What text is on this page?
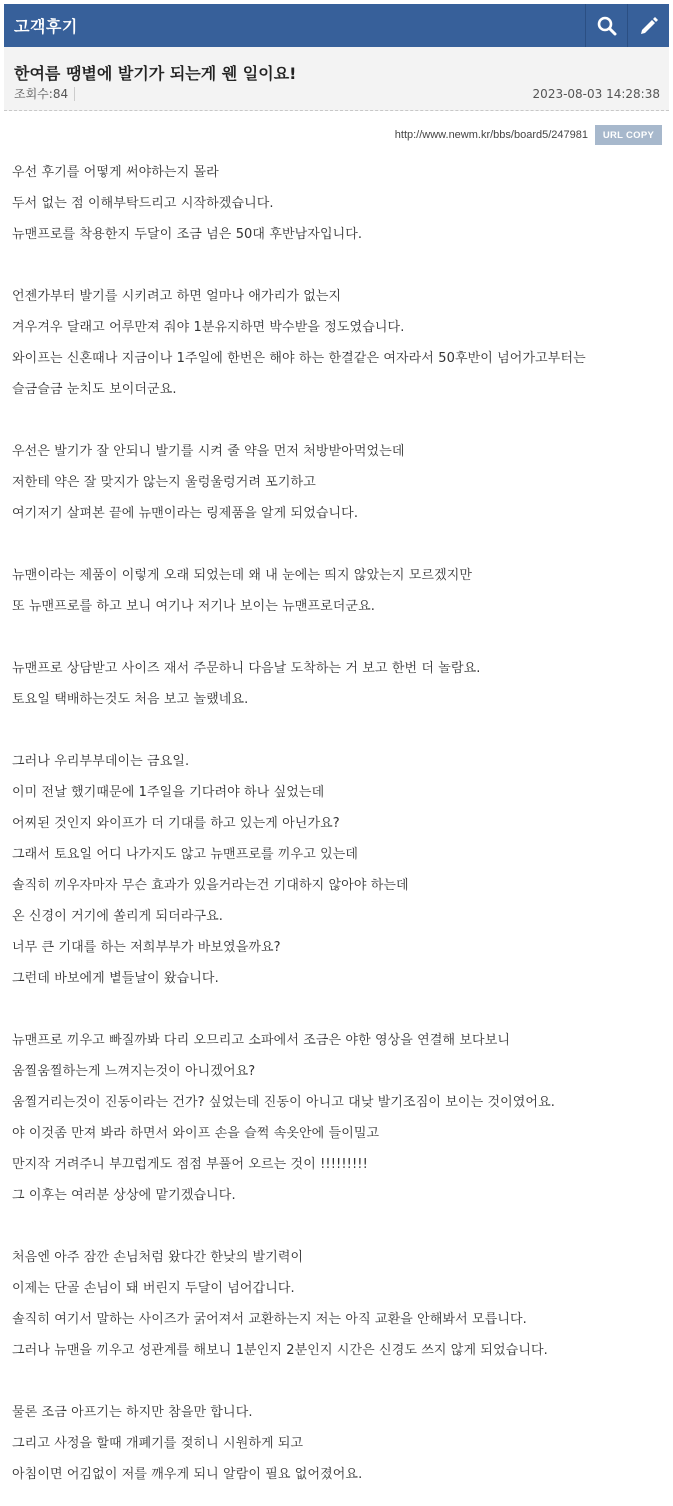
고객후기
한여름 땡볕에 발기가 되는게 웬 일이요!
조회수:84	2023-08-03 14:28:38
http://www.newm.kr/bbs/board5/247981	URL COPY
우선 후기를 어떻게 써야하는지 몰라
두서 없는 점 이해부탁드리고 시작하겠습니다.
뉴맨프로를 착용한지 두달이 조금 넘은 50대 후반남자입니다.
언젠가부터 발기를 시키려고 하면 얼마나 애가리가 없는지
겨우겨우 달래고 어루만져 줘야 1분유지하면 박수받을 정도였습니다.
와이프는 신혼때나 지금이나 1주일에 한번은 해야 하는 한결같은 여자라서 50후반이 넘어가고부터는
슬금슬금 눈치도 보이더군요.
우선은 발기가 잘 안되니 발기를 시켜 줄 약을 먼저 처방받아먹었는데
저한테 약은 잘 맞지가 않는지 울렁울렁거려 포기하고
여기저기 살펴본 끝에 뉴맨이라는 링제품을 알게 되었습니다.
뉴맨이라는 제품이 이렇게 오래 되었는데 왜 내 눈에는 띄지 않았는지 모르겠지만
또 뉴맨프로를 하고 보니 여기나 저기나 보이는 뉴맨프로더군요.
뉴맨프로 상담받고 사이즈 재서 주문하니 다음날 도착하는 거 보고 한번 더 놀람요.
토요일 택배하는것도 처음 보고 놀랬네요.
그러나 우리부부데이는 금요일.
이미 전날 했기때문에 1주일을 기다려야 하나 싶었는데
어찌된 것인지 와이프가 더 기대를 하고 있는게 아닌가요?
그래서 토요일 어디 나가지도 않고 뉴맨프로를 끼우고 있는데
솔직히 끼우자마자 무슨 효과가 있을거라는건 기대하지 않아야 하는데
온 신경이 거기에 쏠리게 되더라구요.
너무 큰 기대를 하는 저희부부가 바보였을까요?
그런데 바보에게 볕들날이 왔습니다.
뉴맨프로 끼우고 빠질까봐 다리 오므리고 소파에서 조금은 야한 영상을 연결해 보다보니
움찔움찔하는게 느껴지는것이 아니겠어요?
움찔거리는것이 진동이라는 건가? 싶었는데 진동이 아니고 대낮 발기조짐이 보이는 것이였어요.
야 이것좀 만져 봐라 하면서 와이프 손을 슬쩍 속옷안에 들이밀고
만지작 거려주니 부끄럽게도 점점 부풀어 오르는 것이 !!!!!!!!!
그 이후는 여러분 상상에 맡기겠습니다.
처음엔 아주 잠깐 손님처럼 왔다간 한낮의 발기력이
이제는 단골 손님이 돼 버린지 두달이 넘어갑니다.
솔직히 여기서 말하는 사이즈가 굵어져서 교환하는지 저는 아직 교환을 안해봐서 모릅니다.
그러나 뉴맨을 끼우고 성관계를 해보니 1분인지 2분인지 시간은 신경도 쓰지 않게 되었습니다.
물론 조금 아프기는 하지만 참을만 합니다.
그리고 사정을 할때 개폐기를 젖히니 시원하게 되고
아침이면 어김없이 저를 깨우게 되니 알람이 필요 없어졌어요.
